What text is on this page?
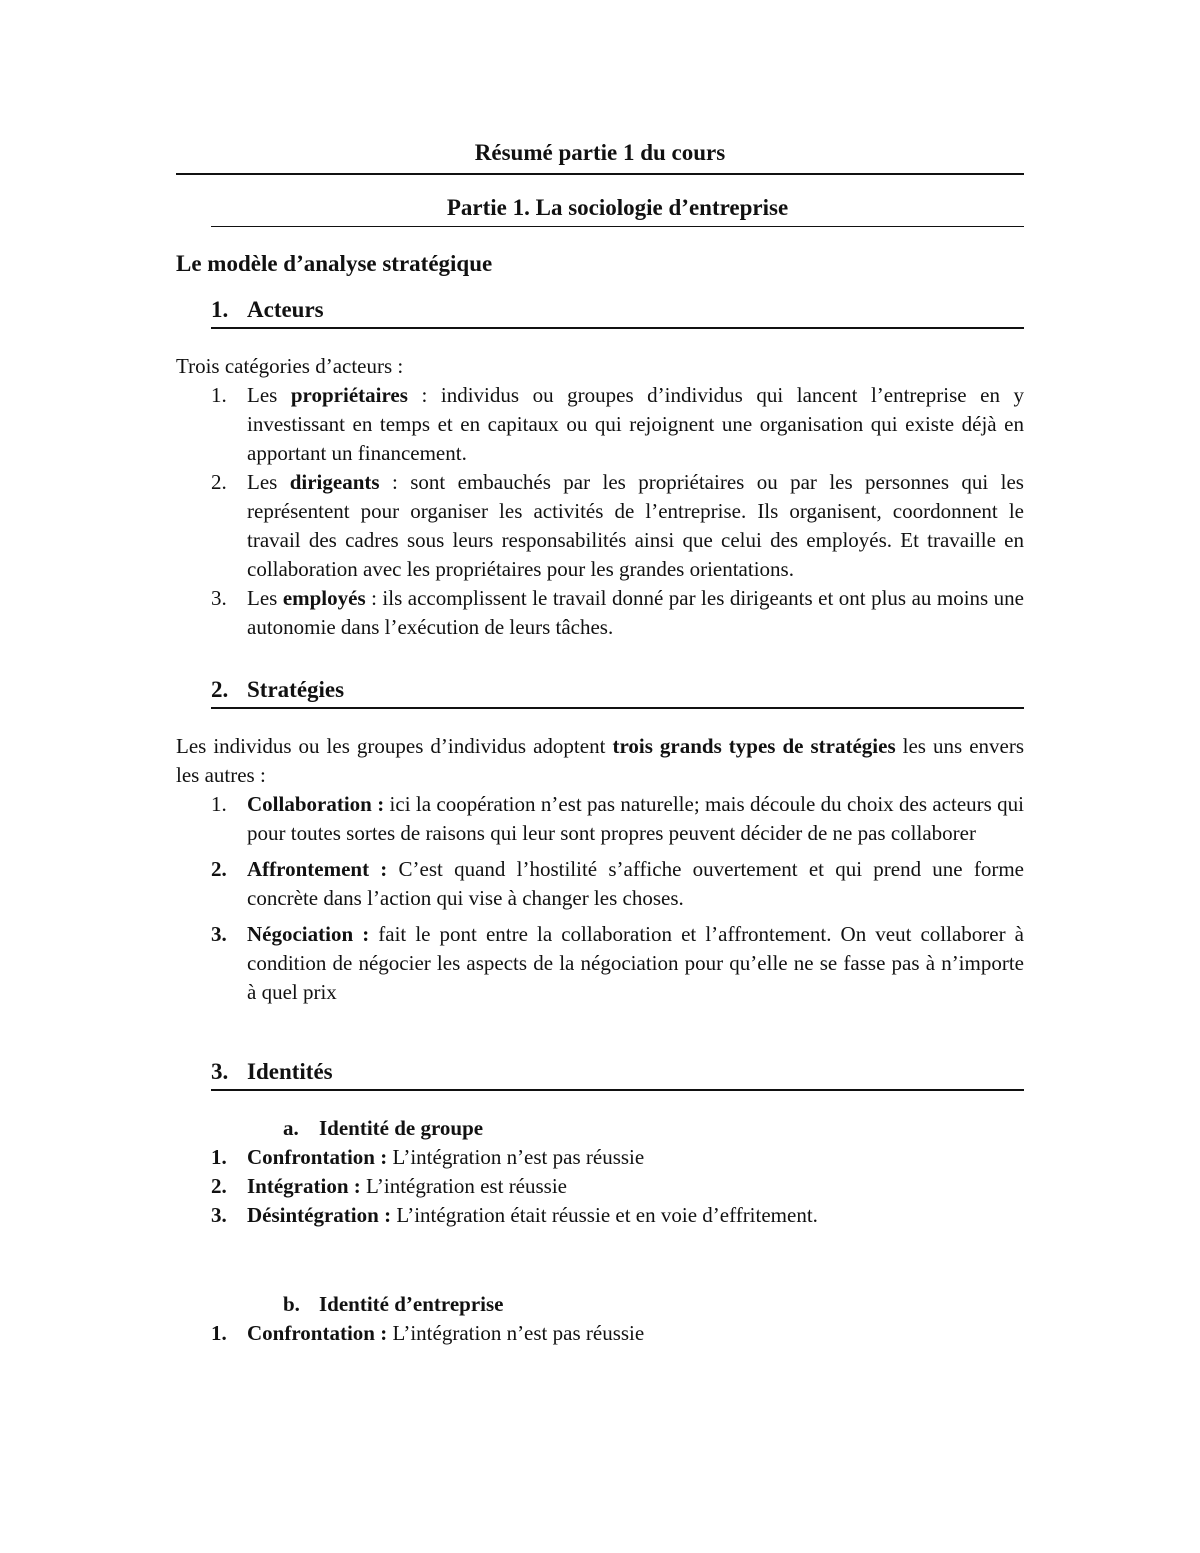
Résumé partie 1 du cours
Partie 1. La sociologie d’entreprise
Le modèle d’analyse stratégique
1. Acteurs

Trois catégories d’acteurs :

1. Les propriétaires : individus ou groupes d’individus qui lancent l’entreprise en y investissant en temps et en capitaux ou qui rejoignent une organisation qui existe déjà en apportant un financement.
2. Les dirigeants : sont embauchés par les propriétaires ou par les personnes qui les représentent pour organiser les activités de l’entreprise. Ils organisent, coordonnent le travail des cadres sous leurs responsabilités ainsi que celui des employés. Et travaille en collaboration avec les propriétaires pour les grandes orientations.
3. Les employés : ils accomplissent le travail donné par les dirigeants et ont plus au moins une autonomie dans l’exécution de leurs tâches.
2. Stratégies

Les individus ou les groupes d’individus adoptent trois grands types de stratégies les uns envers les autres :

1. Collaboration : ici la coopération n’est pas naturelle; mais découle du choix des acteurs qui pour toutes sortes de raisons qui leur sont propres peuvent décider de ne pas collaborer
2. Affrontement : C’est quand l’hostilité s’affiche ouvertement et qui prend une forme concrète dans l’action qui vise à changer les choses.
3. Négociation : fait le pont entre la collaboration et l’affrontement. On veut collaborer à condition de négocier les aspects de la négociation pour qu’elle ne se fasse pas à n’importe à quel prix
3. Identités
a. Identité de groupe
1. Confrontation : L’intégration n’est pas réussie
2. Intégration : L’intégration est réussie
3. Désintégration : L’intégration était réussie et en voie d’effritement.
b. Identité d’entreprise
1. Confrontation : L’intégration n’est pas réussie
